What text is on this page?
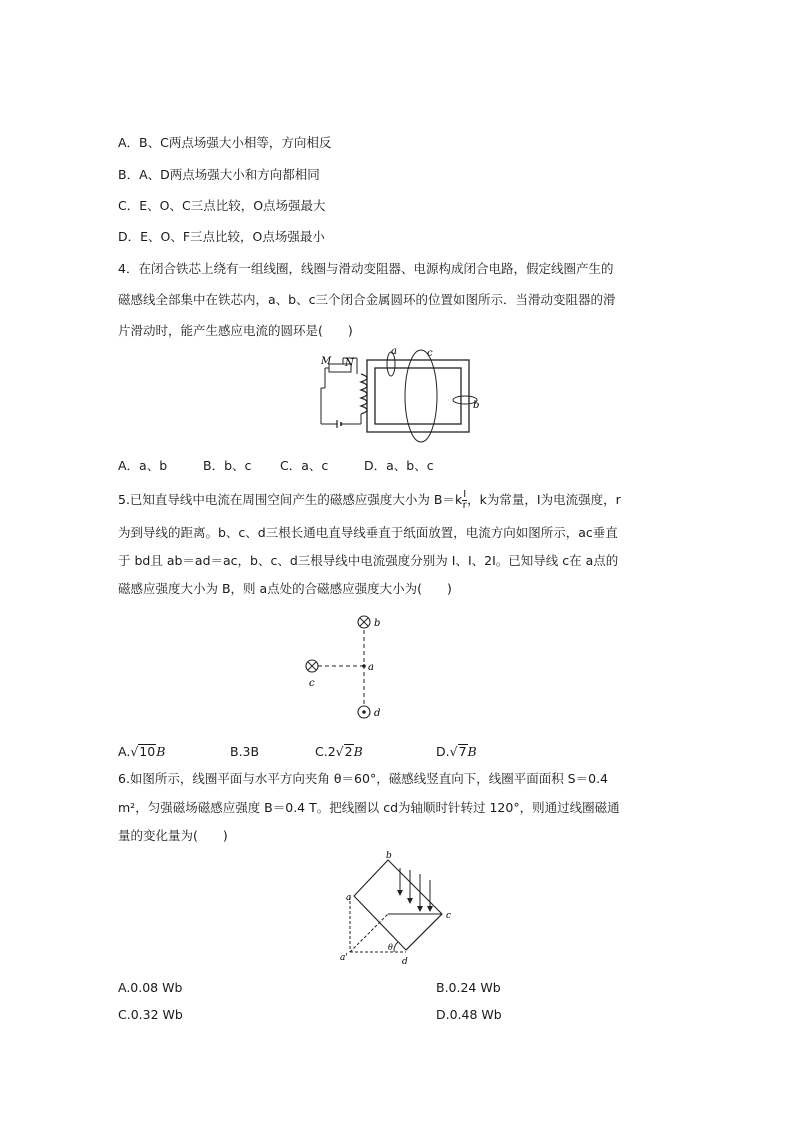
A．B、C两点场强大小相等，方向相反
B．A、D两点场强大小和方向都相同
C．E、O、C三点比较，O点场强最大
D．E、O、F三点比较，O点场强最小
4．在闭合铁芯上绕有一组线圈，线圈与滑动变阻器、电源构成闭合电路，假定线圈产生的
磁感线全部集中在铁芯内，a、b、c三个闭合金属圆环的位置如图所示．当滑动变阻器的滑
片滑动时，能产生感应电流的圆环是(　　)
M N
a	c
b
A．a、b	B．b、c C．a、c	D．a、b、c
5.已知直导线中电流在周围空间产生的磁感应强度大小为 $B=k \frac{I}{r}$ ，k为常量，I为电流强度，r
为到导线的距离。b、c、d三根长通电直导线垂直于纸面放置，电流方向如图所示，ac垂直
于 bd且 ab＝ad＝ac，b、c、d三根导线中电流强度分别为 I、I、2I。已知导线 c在 a点的
磁感应强度大小为 B，则 a点处的合磁感应强度大小为(　　)
b
a
c
d
A.√10B	B.3B	C.2√2B	D.√7B
6.如图所示，线圈平面与水平方向夹角 θ＝60°，磁感线竖直向下，线圈平面面积 S＝0.4
m²，匀强磁场磁感应强度 B＝0.4 T。把线圈以 cd为轴顺时针转过 120°，则通过线圈磁通
量的变化量为(　　)
a
b
c
d
a'
θ
A.0.08 Wb	B.0.24 Wb
C.0.32 Wb	D.0.48 Wb
